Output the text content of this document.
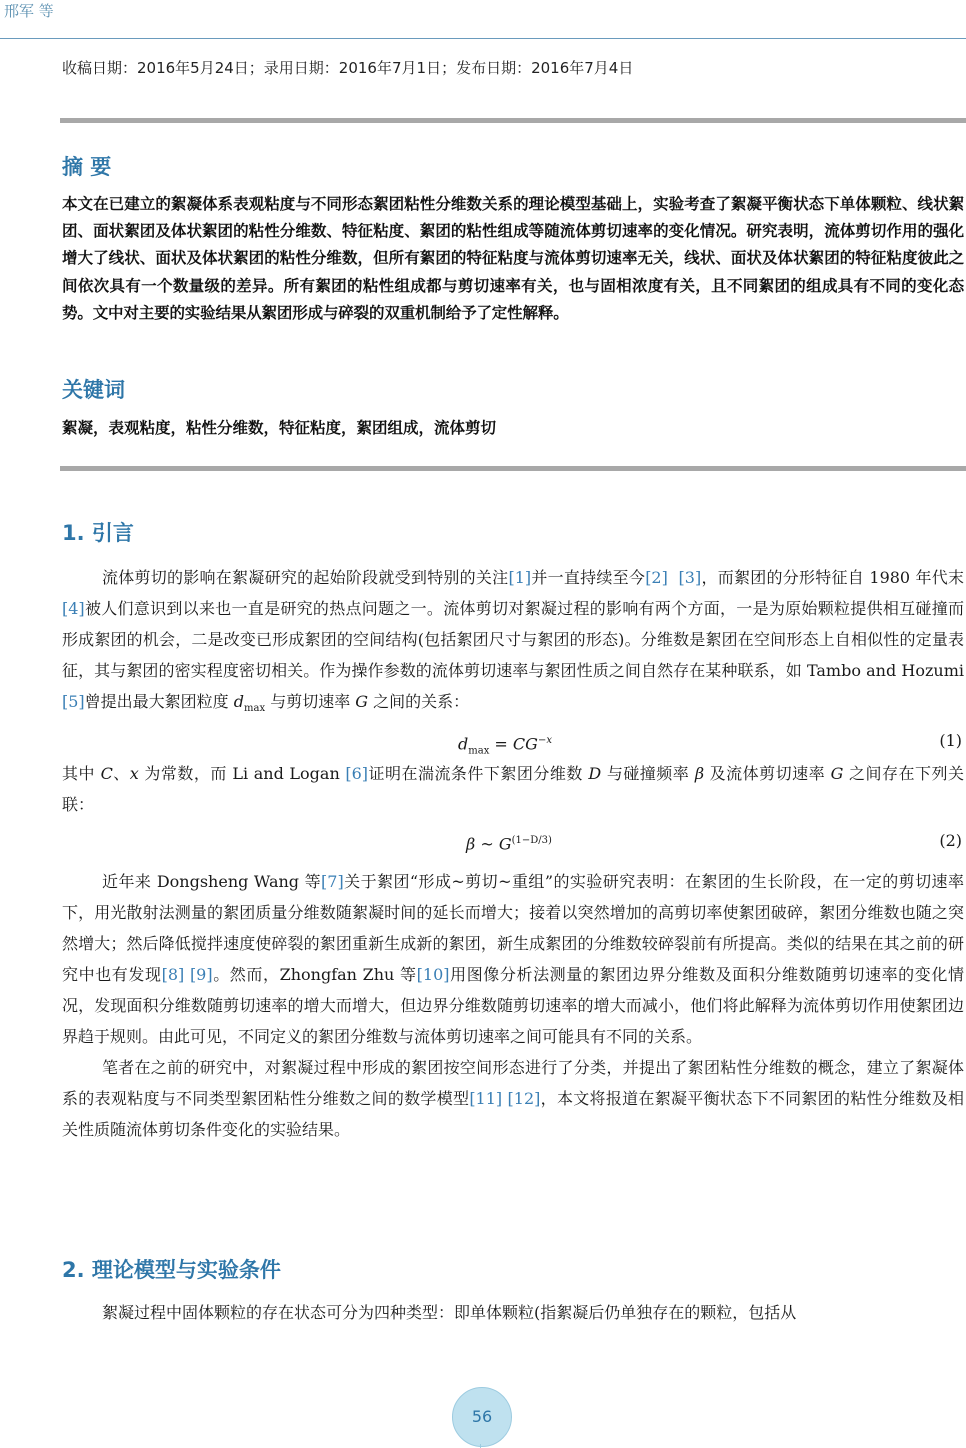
邢军 等
收稿日期：2016年5月24日；录用日期：2016年7月1日；发布日期：2016年7月4日
摘 要
本文在已建立的絮凝体系表观粘度与不同形态絮团粘性分维数关系的理论模型基础上，实验考查了絮凝平衡状态下单体颗粒、线状絮团、面状絮团及体状絮团的粘性分维数、特征粘度、絮团的粘性组成等随流体剪切速率的变化情况。研究表明，流体剪切作用的强化增大了线状、面状及体状絮团的粘性分维数，但所有絮团的特征粘度与流体剪切速率无关，线状、面状及体状絮团的特征粘度彼此之间依次具有一个数量级的差异。所有絮团的粘性组成都与剪切速率有关，也与固相浓度有关，且不同絮团的组成具有不同的变化态势。文中对主要的实验结果从絮团形成与碎裂的双重机制给予了定性解释。
关键词
絮凝，表观粘度，粘性分维数，特征粘度，絮团组成，流体剪切
1. 引言

流体剪切的影响在絮凝研究的起始阶段就受到特别的关注[1]并一直持续至今[2] [3]，而絮团的分形特征自 1980 年代末[4]被人们意识到以来也一直是研究的热点问题之一。流体剪切对絮凝过程的影响有两个方面，一是为原始颗粒提供相互碰撞而形成絮团的机会，二是改变已形成絮团的空间结构(包括絮团尺寸与絮团的形态)。分维数是絮团在空间形态上自相似性的定量表征，其与絮团的密实程度密切相关。作为操作参数的流体剪切速率与絮团性质之间自然存在某种联系，如 Tambo and Hozumi [5]曾提出最大絮团粒度 $d_{max}$ 与剪切速率 G 之间的关系：

$d_{max} = CG^{-x}$	(1)

其中 C、x 为常数，而 Li and Logan [6]证明在湍流条件下絮团分维数 D 与碰撞频率 β 及流体剪切速率 G 之间存在下列关联：

β ~ $G^{(1-D/3)}$	(2)

近年来 Dongsheng Wang 等[7]关于絮团“形成~剪切~重组”的实验研究表明：在絮团的生长阶段，在一定的剪切速率下，用光散射法测量的絮团质量分维数随絮凝时间的延长而增大；接着以突然增加的高剪切率使絮团破碎，絮团分维数也随之突然增大；然后降低搅拌速度使碎裂的絮团重新生成新的絮团，新生成絮团的分维数较碎裂前有所提高。类似的结果在其之前的研究中也有发现[8] [9]。然而，Zhongfan Zhu 等[10]用图像分析法测量的絮团边界分维数及面积分维数随剪切速率的变化情况，发现面积分维数随剪切速率的增大而增大，但边界分维数随剪切速率的增大而减小，他们将此解释为流体剪切作用使絮团边界趋于规则。由此可见，不同定义的絮团分维数与流体剪切速率之间可能具有不同的关系。

笔者在之前的研究中，对絮凝过程中形成的絮团按空间形态进行了分类，并提出了絮团粘性分维数的概念，建立了絮凝体系的表观粘度与不同类型絮团粘性分维数之间的数学模型[11] [12]，本文将报道在絮凝平衡状态下不同絮团的粘性分维数及相关性质随流体剪切条件变化的实验结果。

2. 理论模型与实验条件

絮凝过程中固体颗粒的存在状态可分为四种类型：即单体颗粒(指絮凝后仍单独存在的颗粒，包括从

56
